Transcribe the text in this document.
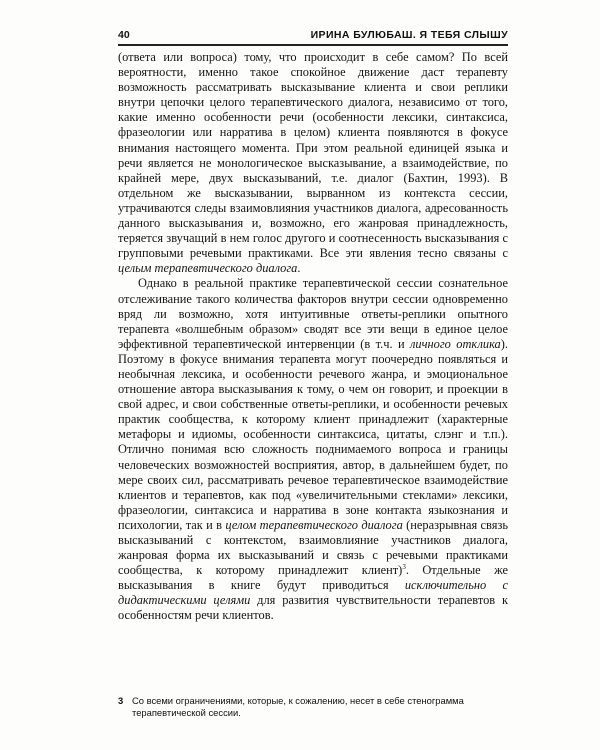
40	ИРИНА БУЛЮБАШ. Я ТЕБЯ СЛЫШУ

(ответа или вопроса) тому, что происходит в себе самом? По всей вероятности, именно такое спокойное движение даст терапевту возможность рассматривать высказывание клиента и свои реплики внутри цепочки целого терапевтического диалога, независимо от того, какие именно особенности речи (особенности лексики, синтаксиса, фразеологии или нарратива в целом) клиента появляются в фокусе внимания настоящего момента. При этом реальной единицей языка и речи является не монологическое высказывание, а взаимодействие, по крайней мере, двух высказываний, т.е. диалог (Бахтин, 1993). В отдельном же высказывании, вырванном из контекста сессии, утрачиваются следы взаимовлияния участников диалога, адресованность данного высказывания и, возможно, его жанровая принадлежность, теряется звучащий в нем голос другого и соотнесенность высказывания с групповыми речевыми практиками. Все эти явления тесно связаны с целым терапевтического диалога.

Однако в реальной практике терапевтической сессии сознательное отслеживание такого количества факторов внутри сессии одновременно вряд ли возможно, хотя интуитивные ответы-реплики опытного терапевта «волшебным образом» сводят все эти вещи в единое целое эффективной терапевтической интервенции (в т.ч. и личного отклика). Поэтому в фокусе внимания терапевта могут поочередно появляться и необычная лексика, и особенности речевого жанра, и эмоциональное отношение автора высказывания к тому, о чем он говорит, и проекции в свой адрес, и свои собственные ответы-реплики, и особенности речевых практик сообщества, к которому клиент принадлежит (характерные метафоры и идиомы, особенности синтаксиса, цитаты, слэнг и т.п.). Отлично понимая всю сложность поднимаемого вопроса и границы человеческих возможностей восприятия, автор, в дальнейшем будет, по мере своих сил, рассматривать речевое терапевтическое взаимодействие клиентов и терапевтов, как под «увеличительными стеклами» лексики, фразеологии, синтаксиса и нарратива в зоне контакта языкознания и психологии, так и в целом терапевтического диалога (неразрывная связь высказываний с контекстом, взаимовлияние участников диалога, жанровая форма их высказываний и связь с речевыми практиками сообщества, к которому принадлежит клиент)$^3$. Отдельные же высказывания в книге будут приводиться исключительно с дидактическими целями для развития чувствительности терапевтов к особенностям речи клиентов.

3 Со всеми ограничениями, которые, к сожалению, несет в себе стенограмма терапевтической сессии.
